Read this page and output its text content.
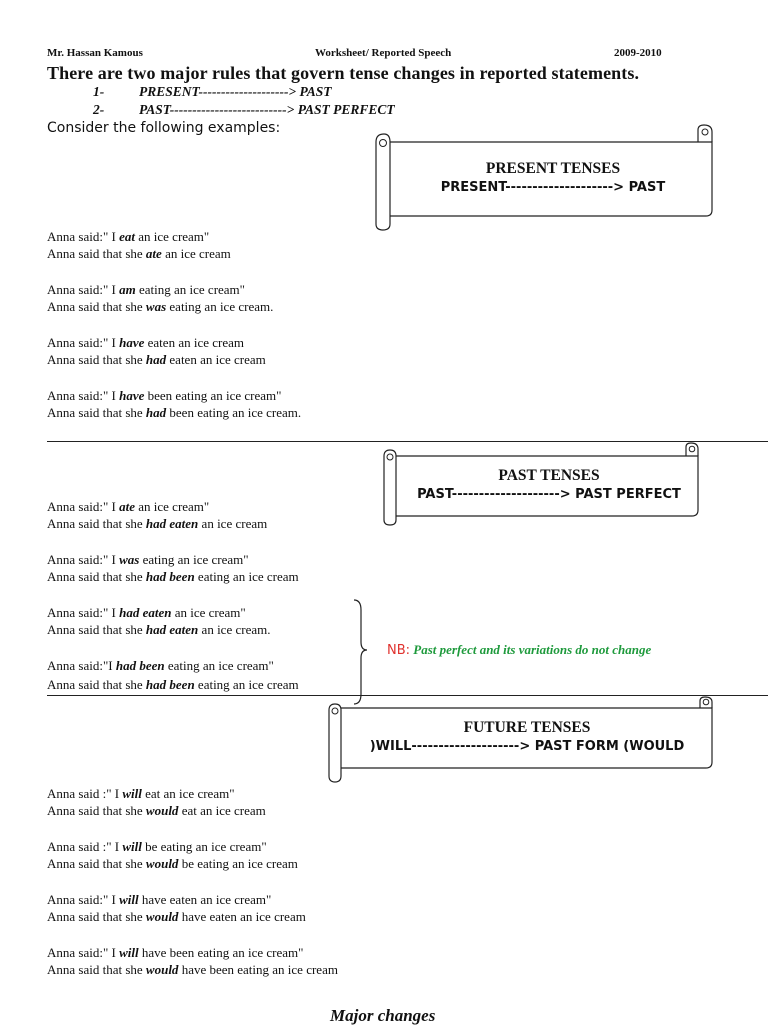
Mr. Hassan Kamous	Worksheet/ Reported Speech	2009-2010
There are two major rules that govern tense changes in reported statements.
1-	PRESENT--------------------> PAST
2-	PAST--------------------------> PAST PERFECT
Consider the following examples:
PRESENT TENSES
PRESENT--------------------> PAST
Anna said:" I eat an ice cream"
Anna said that she ate an ice cream
Anna said:" I am eating an ice cream"
Anna said that she was eating an ice cream.
Anna said:" I have eaten an ice cream
Anna said that she had eaten an ice cream
Anna said:" I have been eating an ice cream"
Anna said that she had been eating an ice cream.
PAST TENSES
PAST--------------------> PAST PERFECT
Anna said:" I ate an ice cream"
Anna said that she had eaten an ice cream
Anna said:" I was eating an ice cream"
Anna said that she had been eating an ice cream
Anna said:" I had eaten an ice cream"
Anna said that she had eaten an ice cream.
Anna said:"I had been eating an ice cream"
Anna said that she had been eating an ice cream
NB: Past perfect and its variations do not change
FUTURE TENSES
)WILL--------------------> PAST FORM (WOULD
Anna said :" I will eat an ice cream"
Anna said that she would eat an ice cream
Anna said :" I will be eating an ice cream"
Anna said that she would be eating an ice cream
Anna said:" I will have eaten an ice cream"
Anna said that she would have eaten an ice cream
Anna said:" I will have been eating an ice cream"
Anna said that she would have been eating an ice cream
Major changes
